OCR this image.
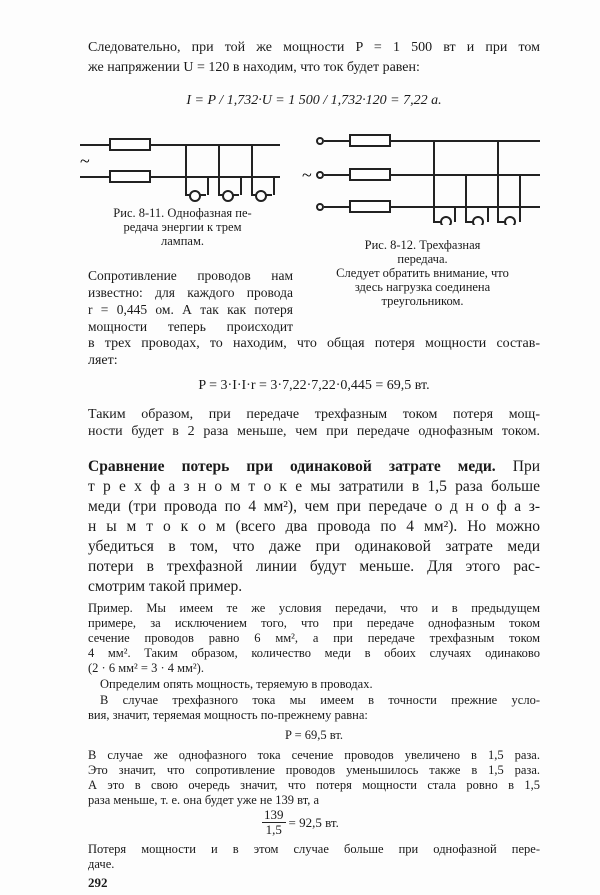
Следовательно, при той же мощности P = 1 500 вт и при том
же напряжении U = 120 в находим, что ток будет равен:
I = P / 1,732·U = 1 500 / 1,732·120 = 7,22 а.
~
~
Рис. 8-11. Однофазная пе-
редача энергии к трем
лампам.	Рис. 8-12. Трехфазная
передача.
Следует обратить внимание, что
здесь нагрузка соединена
треугольником.
Сопротивление проводов нам
известно: для каждого провода
r = 0,445 ом. А так как потеря
мощности теперь происходит
в трех проводах, то находим, что общая потеря мощности состав-
ляет:
P = 3·I·I·r = 3·7,22·7,22·0,445 = 69,5 вт.
Таким образом, при передаче трехфазным током потеря мощ-
ности будет в 2 раза меньше, чем при передаче однофазным током.
Сравнение потерь при одинаковой затрате меди. При
т р е х ф а з н о м т о к е мы затратили в 1,5 раза больше
меди (три провода по 4 мм²), чем при передаче о д н о ф а з-
н ы м т о к о м (всего два провода по 4 мм²). Но можно
убедиться в том, что даже при одинаковой затрате меди
потери в трехфазной линии будут меньше. Для этого рас-
смотрим такой пример.
Пример. Мы имеем те же условия передачи, что и в предыдущем
примере, за исключением того, что при передаче однофазным током
сечение проводов равно 6 мм², а при передаче трехфазным током
4 мм². Таким образом, количество меди в обоих случаях одинаково
(2 · 6 мм² = 3 · 4 мм²).
Определим опять мощность, теряемую в проводах.
В случае трехфазного тока мы имеем в точности прежние усло-
вия, значит, теряемая мощность по-прежнему равна:
P = 69,5 вт.
В случае же однофазного тока сечение проводов увеличено в 1,5 раза.
Это значит, что сопротивление проводов уменьшилось также в 1,5 раза.
А это в свою очередь значит, что потеря мощности стала ровно в 1,5
раза меньше, т. е. она будет уже не 139 вт, а
$\frac{139}{1,5} = 92,5$ вт.
Потеря мощности и в этом случае больше при однофазной пере-
даче.
292
